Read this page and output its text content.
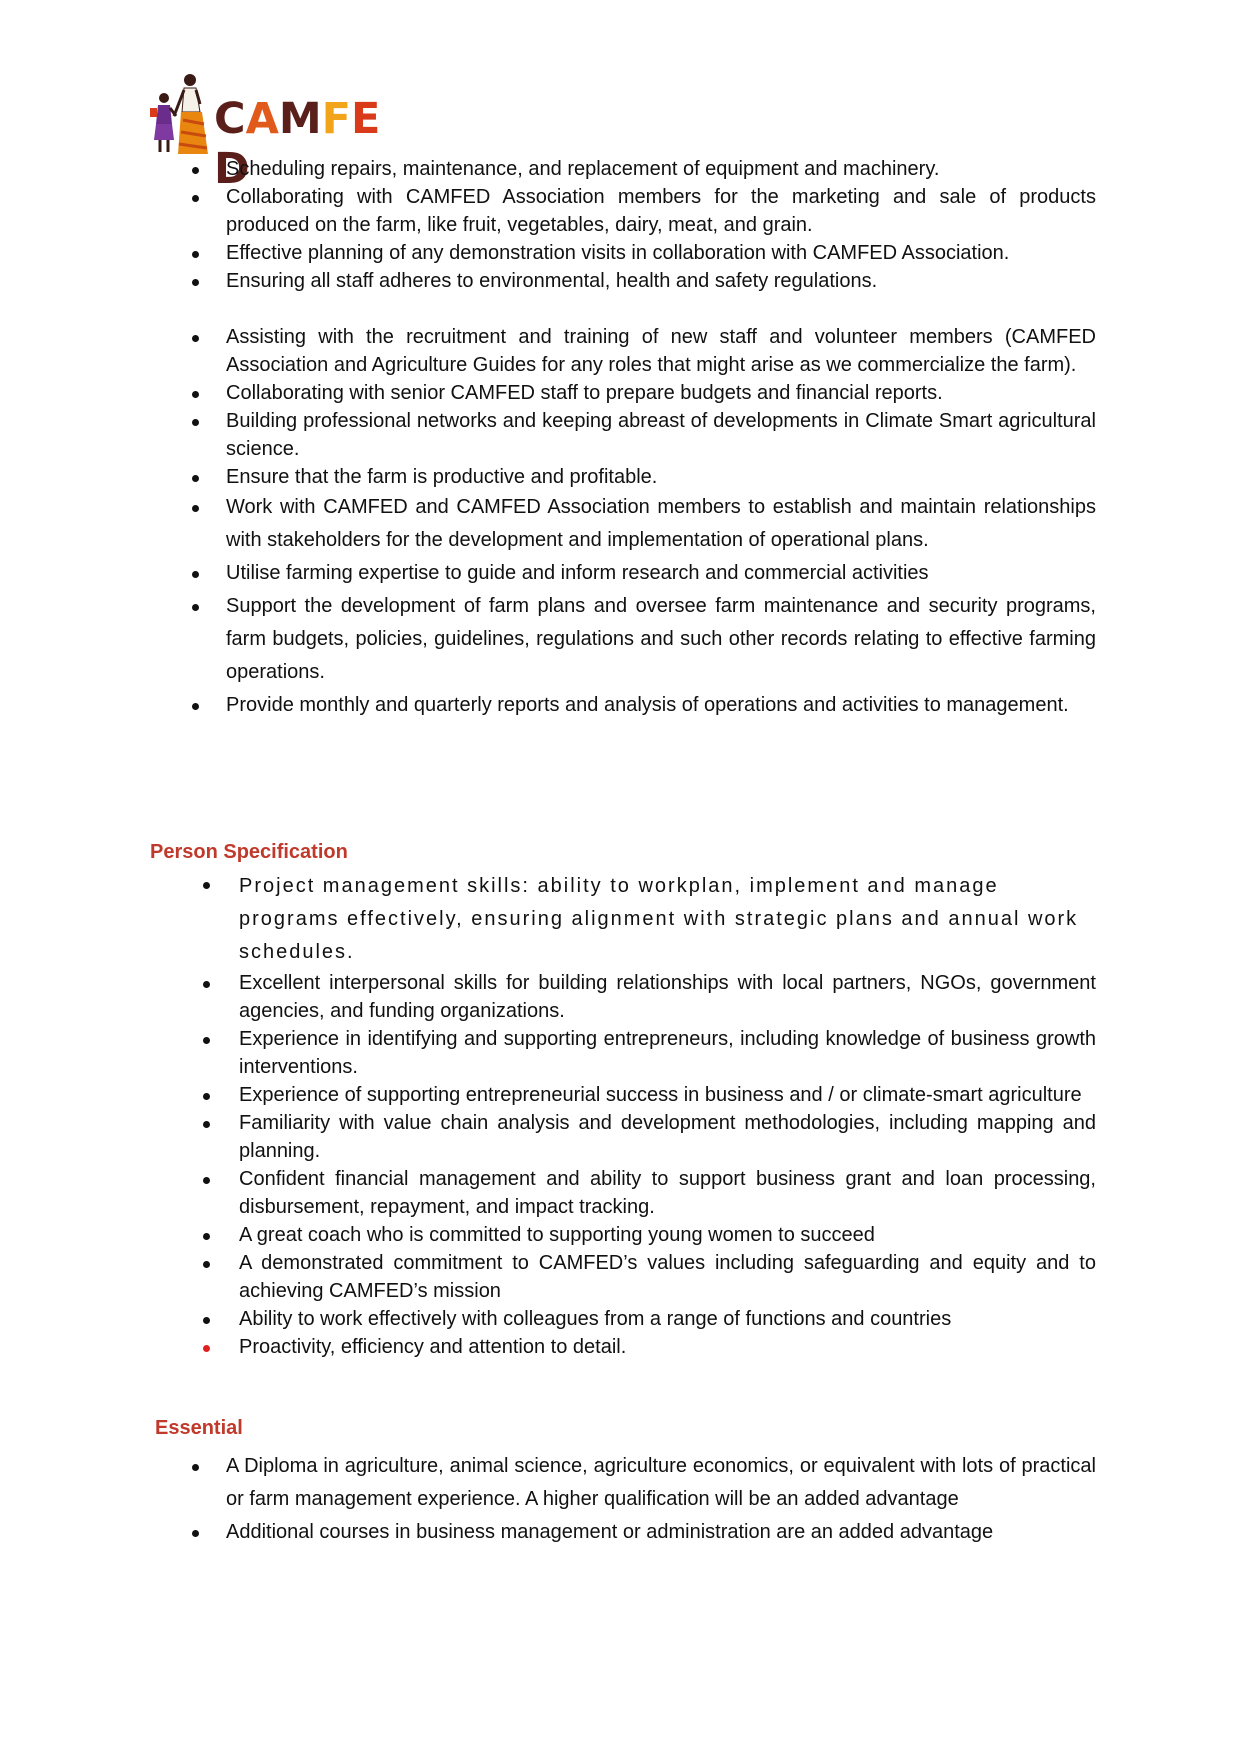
CAMFED
Scheduling repairs, maintenance, and replacement of equipment and machinery.
Collaborating with CAMFED Association members for the marketing and sale of products produced on the farm, like fruit, vegetables, dairy, meat, and grain.
Effective planning of any demonstration visits in collaboration with CAMFED Association.
Ensuring all staff adheres to environmental, health and safety regulations.
Assisting with the recruitment and training of new staff and volunteer members (CAMFED Association and Agriculture Guides for any roles that might arise as we commercialize the farm).
Collaborating with senior CAMFED staff to prepare budgets and financial reports.
Building professional networks and keeping abreast of developments in Climate Smart agricultural science.
Ensure that the farm is productive and profitable.
Work with CAMFED and CAMFED Association members to establish and maintain relationships with stakeholders for the development and implementation of operational plans.
Utilise farming expertise to guide and inform research and commercial activities
Support the development of farm plans and oversee farm maintenance and security programs, farm budgets, policies, guidelines, regulations and such other records relating to effective farming operations.
Provide monthly and quarterly reports and analysis of operations and activities to management.
Person Specification
Project management skills: ability to workplan, implement and manage programs effectively, ensuring alignment with strategic plans and annual work schedules.
Excellent interpersonal skills for building relationships with local partners, NGOs, government agencies, and funding organizations.
Experience in identifying and supporting entrepreneurs, including knowledge of business growth interventions.
Experience of supporting entrepreneurial success in business and / or climate-smart agriculture
Familiarity with value chain analysis and development methodologies, including mapping and planning.
Confident financial management and ability to support business grant and loan processing, disbursement, repayment, and impact tracking.
A great coach who is committed to supporting young women to succeed
A demonstrated commitment to CAMFED’s values including safeguarding and equity and to achieving CAMFED’s mission
Ability to work effectively with colleagues from a range of functions and countries
Proactivity, efficiency and attention to detail.
Essential
A Diploma in agriculture, animal science, agriculture economics, or equivalent with lots of practical or farm management experience. A higher qualification will be an added advantage
Additional courses in business management or administration are an added advantage
